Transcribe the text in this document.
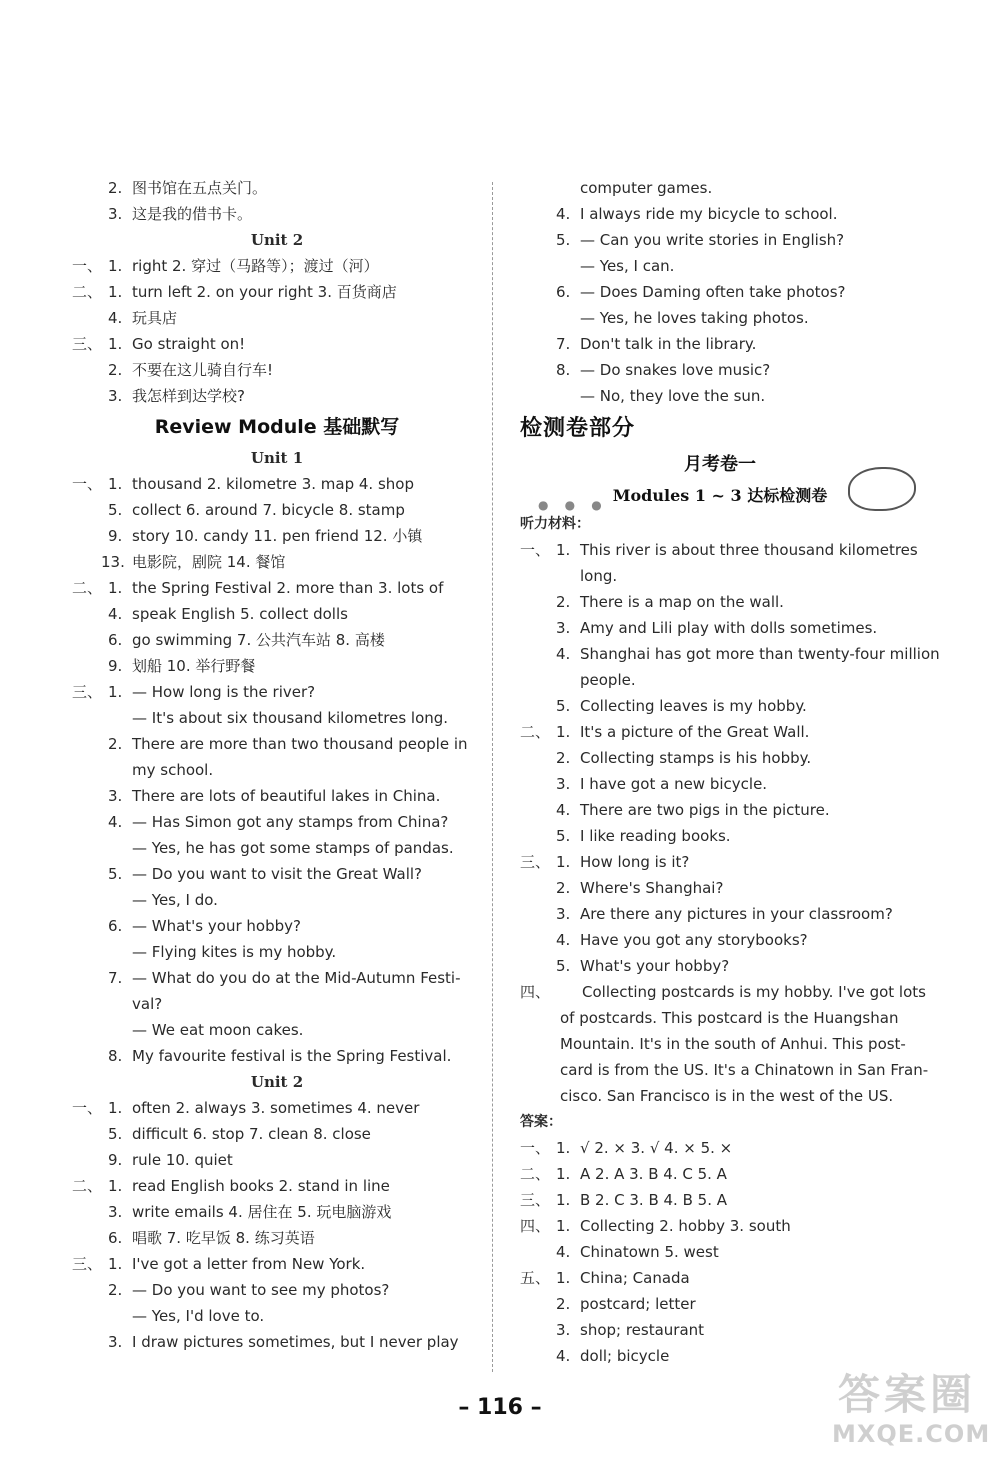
2. 图书馆在五点关门。
3. 这是我的借书卡。
Unit 2
一、 1. right 2. 穿过（马路等）；渡过（河）
二、 1. turn left 2. on your right 3. 百货商店
4. 玩具店
三、 1. Go straight on!
2. 不要在这儿骑自行车!
3. 我怎样到达学校?
Review Module 基础默写
Unit 1
一、 1. thousand 2. kilometre 3. map 4. shop
5. collect 6. around 7. bicycle 8. stamp
9. story 10. candy 11. pen friend 12. 小镇
13. 电影院，剧院 14. 餐馆
二、 1. the Spring Festival 2. more than 3. lots of
4. speak English 5. collect dolls
6. go swimming 7. 公共汽车站 8. 高楼
9. 划船 10. 举行野餐
三、 1. — How long is the river?
— It's about six thousand kilometres long.
2. There are more than two thousand people in
my school.
3. There are lots of beautiful lakes in China.
4. — Has Simon got any stamps from China?
— Yes, he has got some stamps of pandas.
5. — Do you want to visit the Great Wall?
— Yes, I do.
6. — What's your hobby?
— Flying kites is my hobby.
7. — What do you do at the Mid-Autumn Festi-
val?
— We eat moon cakes.
8. My favourite festival is the Spring Festival.
Unit 2
一、 1. often 2. always 3. sometimes 4. never
5. difficult 6. stop 7. clean 8. close
9. rule 10. quiet
二、 1. read English books 2. stand in line
3. write emails 4. 居住在 5. 玩电脑游戏
6. 唱歌 7. 吃早饭 8. 练习英语
三、 1. I've got a letter from New York.
2. — Do you want to see my photos?
— Yes, I'd love to.
3. I draw pictures sometimes, but I never play
computer games.
4. I always ride my bicycle to school.
5. — Can you write stories in English?
— Yes, I can.
6. — Does Daming often take photos?
— Yes, he loves taking photos.
7. Don't talk in the library.
8. — Do snakes love music?
— No, they love the sun.
检测卷部分
月考卷一
● ● ● Modules 1 ~ 3 达标检测卷
听力材料：
一、 1. This river is about three thousand kilometres
long.
2. There is a map on the wall.
3. Amy and Lili play with dolls sometimes.
4. Shanghai has got more than twenty-four million
people.
5. Collecting leaves is my hobby.
二、 1. It's a picture of the Great Wall.
2. Collecting stamps is his hobby.
3. I have got a new bicycle.
4. There are two pigs in the picture.
5. I like reading books.
三、 1. How long is it?
2. Where's Shanghai?
3. Are there any pictures in your classroom?
4. Have you got any storybooks?
5. What's your hobby?
四、 Collecting postcards is my hobby. I've got lots
of postcards. This postcard is the Huangshan
Mountain. It's in the south of Anhui. This post-
card is from the US. It's a Chinatown in San Fran-
cisco. San Francisco is in the west of the US.
答案：
一、 1. √ 2. × 3. √ 4. × 5. ×
二、 1. A 2. A 3. B 4. C 5. A
三、 1. B 2. C 3. B 4. B 5. A
四、 1. Collecting 2. hobby 3. south
4. Chinatown 5. west
五、 1. China; Canada
2. postcard; letter
3. shop; restaurant
4. doll; bicycle
– 116 –	答案圈
MXQE.COM
